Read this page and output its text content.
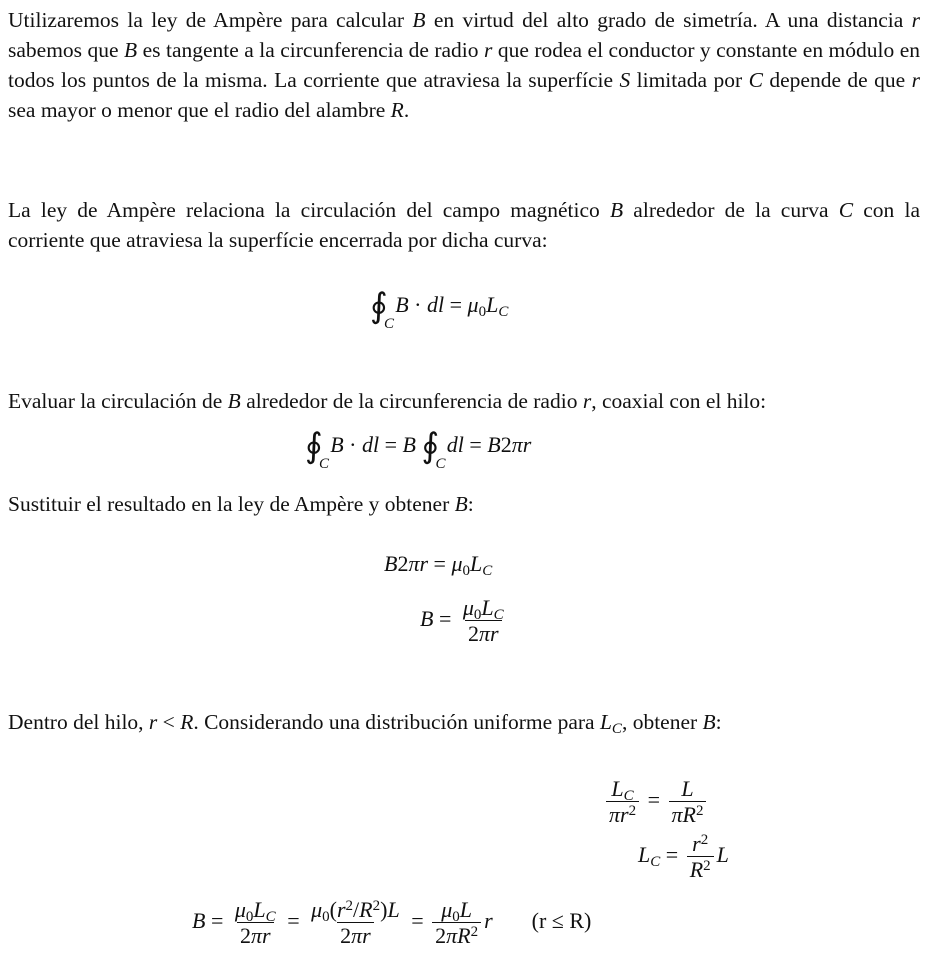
Utilizaremos la ley de Ampère para calcular B en virtud del alto grado de simetría. A una distancia r sabemos que B es tangente a la circunferencia de radio r que rodea el conductor y constante en módulo en todos los puntos de la misma. La corriente que atraviesa la superfície S limitada por C depende de que r sea mayor o menor que el radio del alambre R.

La ley de Ampère relaciona la circulación del campo magnético B alrededor de la curva C con la corriente que atraviesa la superfície encerrada por dicha curva:

∮
C
B · dl = $\mu_0L_C$

Evaluar la circulación de B alrededor de la circunferencia de radio r, coaxial con el hilo:

∮
C
B · dl = B ∮
C
dl = B2πr

Sustituir el resultado en la ley de Ampère y obtener B:

$B2\pi r = \mu_0L_C$
$B = \frac{\mu_0L_C}{2\pi r}$

Dentro del hilo, r < R. Considerando una distribución uniforme para $L_C$, obtener B:

$\frac{L_C}{\pi r^2} = \frac{L}{\pi R^2}$
$L_C = \frac{r^2}{R^2}$ L
$B = \frac{\mu_0L_C}{2\pi r} = \frac{\mu_0(r^2/R^2)L}{2\pi r} = \frac{\mu_0L}{2\pi R^2}$ r (r ≤ R)
